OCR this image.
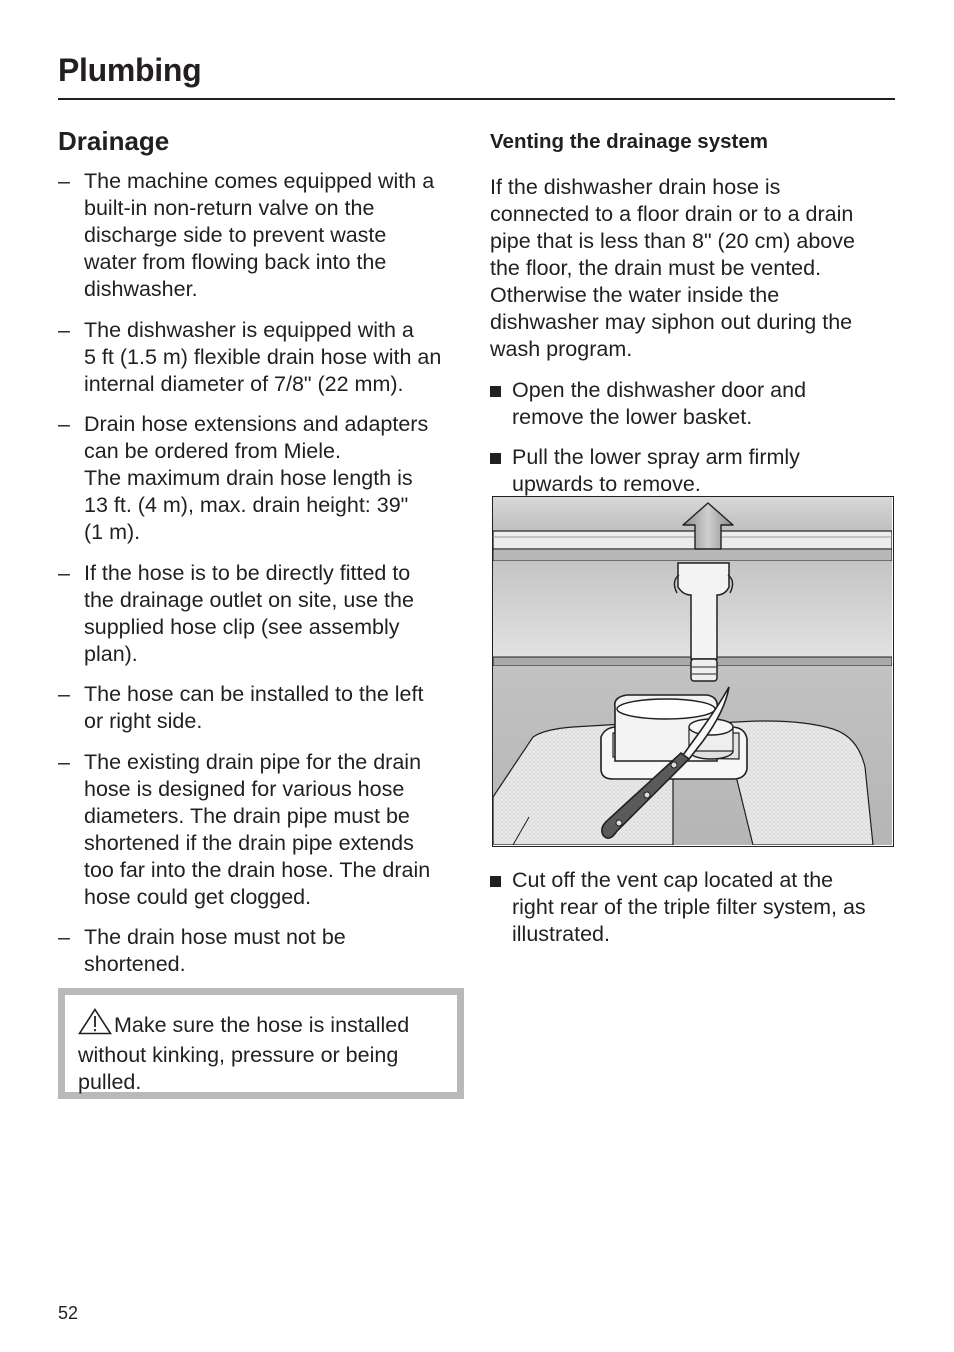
Plumbing
Drainage
– The machine comes equipped with a
built-in non-return valve on the
discharge side to prevent waste
water from flowing back into the
dishwasher.
– The dishwasher is equipped with a
5 ft (1.5 m) flexible drain hose with an
internal diameter of 7/8" (22 mm).
– Drain hose extensions and adapters
can be ordered from Miele.
The maximum drain hose length is
13 ft. (4 m), max. drain height: 39"
(1 m).
– If the hose is to be directly fitted to
the drainage outlet on site, use the
supplied hose clip (see assembly
plan).
– The hose can be installed to the left
or right side.
– The existing drain pipe for the drain
hose is designed for various hose
diameters. The drain pipe must be
shortened if the drain pipe extends
too far into the drain hose. The drain
hose could get clogged.
– The drain hose must not be
shortened.
Make sure the hose is installed
without kinking, pressure or being
pulled.
Venting the drainage system

If the dishwasher drain hose is
connected to a floor drain or to a drain
pipe that is less than 8" (20 cm) above
the floor, the drain must be vented.
Otherwise the water inside the
dishwasher may siphon out during the
wash program.

Open the dishwasher door and
remove the lower basket.
Pull the lower spray arm firmly
upwards to remove.
Cut off the vent cap located at the
right rear of the triple filter system, as
illustrated.
52
